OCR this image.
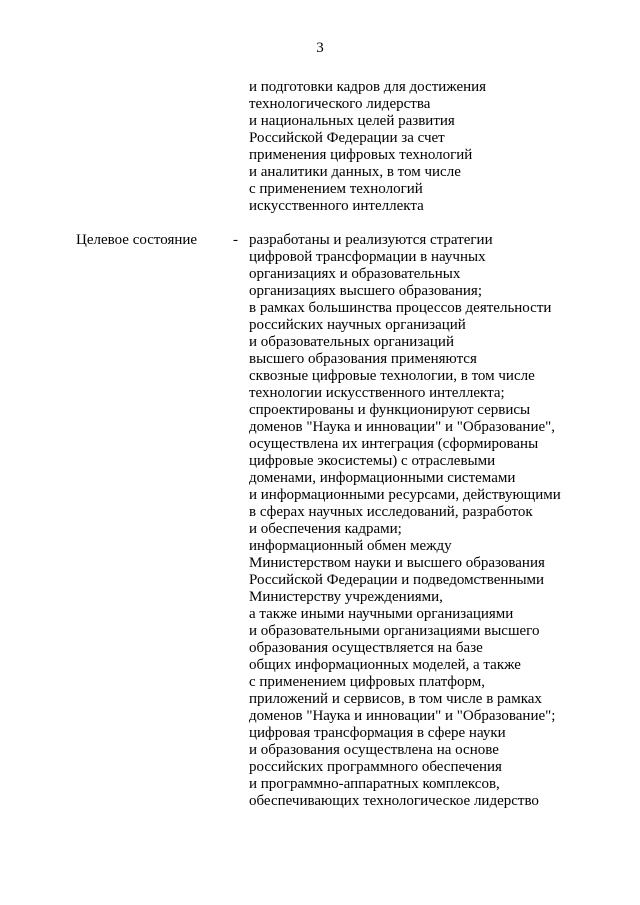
3
и подготовки кадров для достижения
технологического лидерства
и национальных целей развития
Российской Федерации за счет
применения цифровых технологий
и аналитики данных, в том числе
с применением технологий
искусственного интеллекта
Целевое состояние - разработаны и реализуются стратегии
цифровой трансформации в научных
организациях и образовательных
организациях высшего образования;
в рамках большинства процессов деятельности
российских научных организаций
и образовательных организаций
высшего образования применяются
сквозные цифровые технологии, в том числе
технологии искусственного интеллекта;
спроектированы и функционируют сервисы
доменов "Наука и инновации" и "Образование",
осуществлена их интеграция (сформированы
цифровые экосистемы) с отраслевыми
доменами, информационными системами
и информационными ресурсами, действующими
в сферах научных исследований, разработок
и обеспечения кадрами;
информационный обмен между
Министерством науки и высшего образования
Российской Федерации и подведомственными
Министерству учреждениями,
а также иными научными организациями
и образовательными организациями высшего
образования осуществляется на базе
общих информационных моделей, а также
с применением цифровых платформ,
приложений и сервисов, в том числе в рамках
доменов "Наука и инновации" и "Образование";
цифровая трансформация в сфере науки
и образования осуществлена на основе
российских программного обеспечения
и программно-аппаратных комплексов,
обеспечивающих технологическое лидерство
